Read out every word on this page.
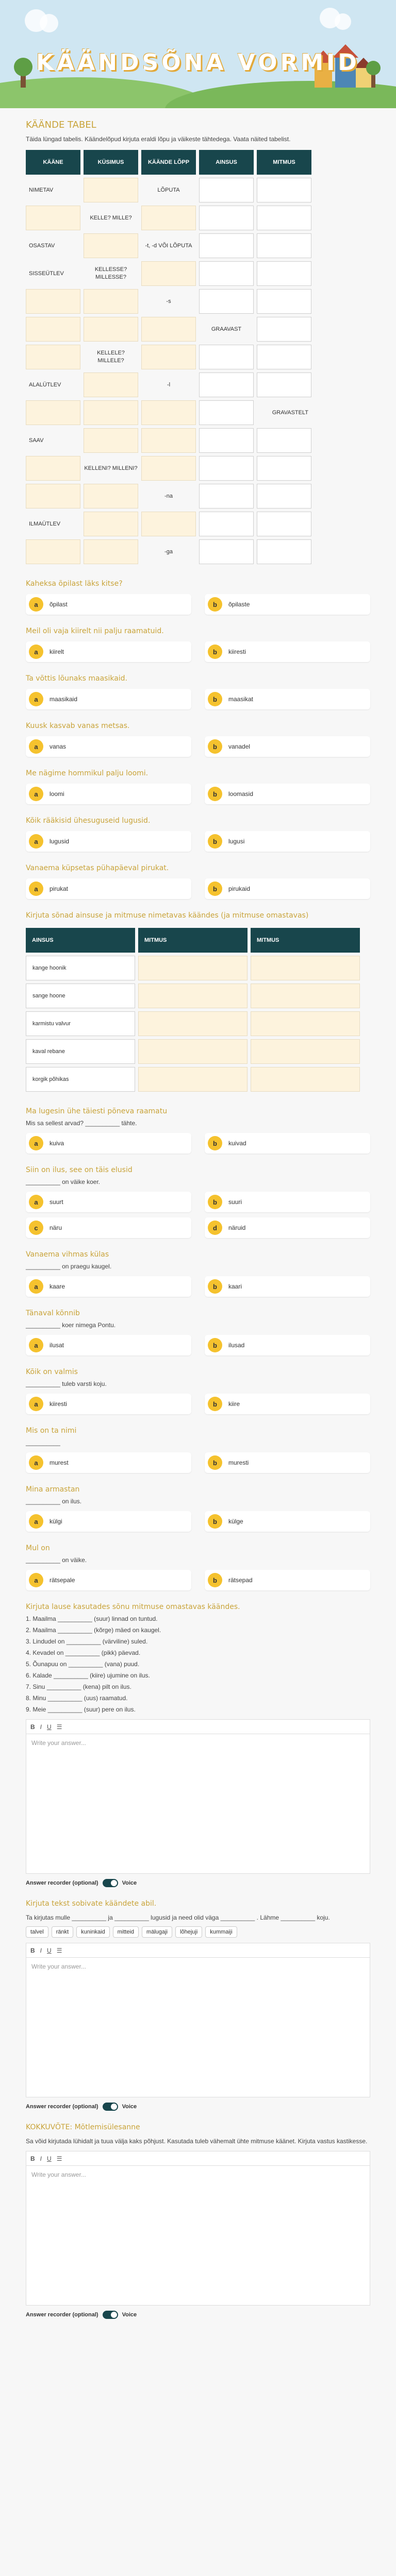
KÄÄNDSÕNA VORMID
KÄÄNDE TABEL
Täida lüngad tabelis. Käändelõpud kirjuta eraldi lõpu ja väikeste tähtedega. Vaata näited tabelist.
KÄÄNE	KÜSIMUS	KÄÄNDE LÕPP	AINSUS	MITMUS
NIMETAV		LÕPUTA		
	KELLE? MILLE?			
OSASTAV		-t, -d VÕI LÕPUTA		
SISSEÜTLEV	KELLESSE? MILLESSE?			
		-s		
			GRAAVAST	
	KELLELE? MILLELE?			
ALALÜTLEV		-l		
				GRAVASTELT
SAAV				
	KELLENI? MILLENI?			
		-na		
ILMAÜTLEV				
		-ga		
Kaheksa õpilast läks kitse?
a	õpilast	b	õpilaste
Meil oli vaja kiirelt nii palju raamatuid.
a	kiirelt	b	kiiresti
Ta võttis lõunaks maasikaid.
a	maasikaid	b	maasikat
Kuusk kasvab vanas metsas.
a	vanas	b	vanadel
Me nägime hommikul palju loomi.
a	loomi	b	loomasid
Kõik rääkisid ühesuguseid lugusid.
a	lugusid	b	lugusi
Vanaema küpsetas pühapäeval pirukat.
a	pirukat	b	pirukaid
Kirjuta sõnad ainsuse ja mitmuse nimetavas käändes (ja mitmuse omastavas)
AINSUS	MITMUS	MITMUS
kange hoonik		
sange hoone		
karmistu valvur		
kaval rebane		
korgik põhikas		
Ma lugesin ühe täiesti põneva raamatu
Mis sa sellest arvad? __________ tähte.
a	kuiva	b	kuivad
Siin on ilus, see on täis elusid
__________ on väike koer.
a	suurt	b	suuri
c	näru	d	näruid
Vanaema vihmas külas
__________ on praegu kaugel.
a	kaare	b	kaari
Tänaval kõnnib
__________ koer nimega Pontu.
a	ilusat	b	ilusad
Kõik on valmis
__________ tuleb varsti koju.
a	kiiresti	b	kiire
Mis on ta nimi
__________
a	murest	b	muresti
Mina armastan
__________ on ilus.
a	külgi	b	külge
Mul on
__________ on väike.
a	rätsepale	b	rätsepad
Kirjuta lause kasutades sõnu mitmuse omastavas käändes.
1. Maailma __________ (suur) linnad on tuntud.
2. Maailma __________ (kõrge) mäed on kaugel.
3. Lindudel on __________ (värviline) suled.
4. Kevadel on __________ (pikk) päevad.
5. Õunapuu on __________ (vana) puud.
6. Kalade __________ (kiire) ujumine on ilus.
7. Sinu __________ (kena) pilt on ilus.
8. Minu __________ (uus) raamatud.
9. Meie __________ (suur) pere on ilus.
B I U ☰
Write your answer...
Answer recorder (optional)	Voice
Kirjuta tekst sobivate käändete abil.
Ta kirjutas mulle __________ ja __________ lugusid ja need olid väga __________ . Lähme __________ koju.
talvel	ränkt	kuninkaid	mitteid	mälugaji	lõhejuji	kummaiji
B I U ☰
Write your answer...
Answer recorder (optional)	Voice
KOKKUVÕTE: Mõtlemisülesanne
Sa võid kirjutada lühidalt ja tuua välja kaks põhjust. Kasutada tuleb vähemalt ühte mitmuse käänet. Kirjuta vastus kastikesse.
B I U ☰
Write your answer...
Answer recorder (optional)	Voice
